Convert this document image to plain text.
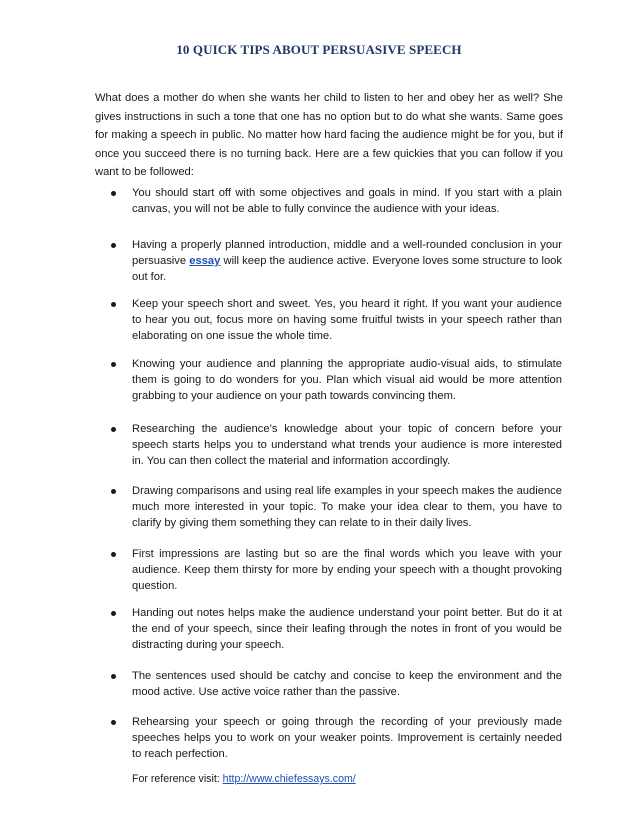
10 QUICK TIPS ABOUT PERSUASIVE SPEECH

What does a mother do when she wants her child to listen to her and obey her as well? She gives instructions in such a tone that one has no option but to do what she wants. Same goes for making a speech in public. No matter how hard facing the audience might be for you, but if once you succeed there is no turning back. Here are a few quickies that you can follow if you want to be followed:

You should start off with some objectives and goals in mind. If you start with a plain canvas, you will not be able to fully convince the audience with your ideas.

Having a properly planned introduction, middle and a well-rounded conclusion in your persuasive essay will keep the audience active. Everyone loves some structure to look out for.

Keep your speech short and sweet. Yes, you heard it right. If you want your audience to hear you out, focus more on having some fruitful twists in your speech rather than elaborating on one issue the whole time.

Knowing your audience and planning the appropriate audio-visual aids, to stimulate them is going to do wonders for you. Plan which visual aid would be more attention grabbing to your audience on your path towards convincing them.

Researching the audience’s knowledge about your topic of concern before your speech starts helps you to understand what trends your audience is more interested in. You can then collect the material and information accordingly.

Drawing comparisons and using real life examples in your speech makes the audience much more interested in your topic. To make your idea clear to them, you have to clarify by giving them something they can relate to in their daily lives.

First impressions are lasting but so are the final words which you leave with your audience. Keep them thirsty for more by ending your speech with a thought provoking question.

Handing out notes helps make the audience understand your point better. But do it at the end of your speech, since their leafing through the notes in front of you would be distracting during your speech.

The sentences used should be catchy and concise to keep the environment and the mood active. Use active voice rather than the passive.

Rehearsing your speech or going through the recording of your previously made speeches helps you to work on your weaker points. Improvement is certainly needed to reach perfection.

For reference visit: http://www.chiefessays.com/
